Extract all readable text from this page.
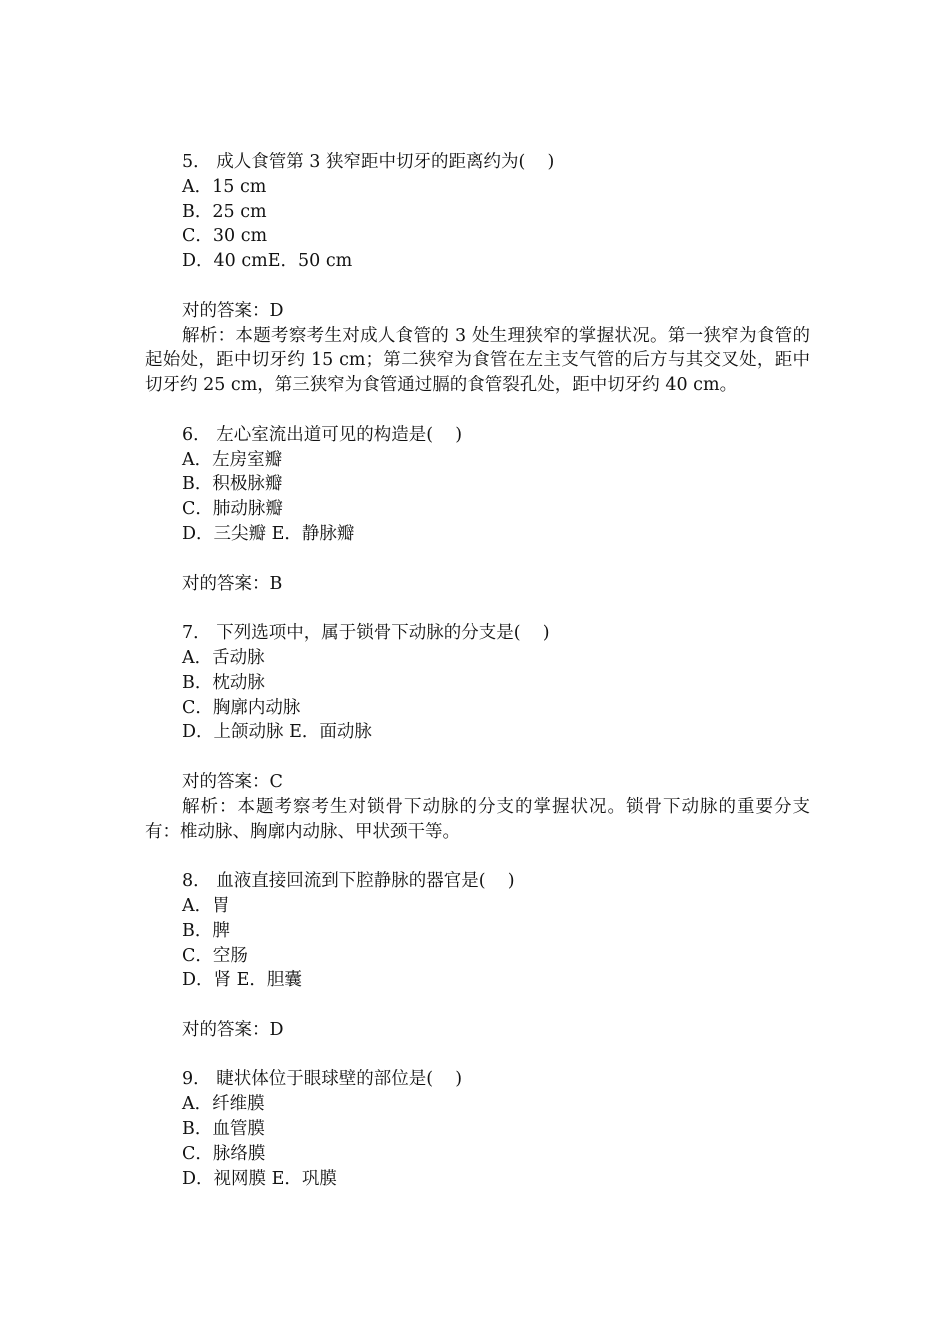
5． 成人食管第 3 狭窄距中切牙的距离约为(    )

A．15 cm

B．25 cm

C．30 cm

D．40 cmE．50 cm

对的答案：D

解析：本题考察考生对成人食管的 3 处生理狭窄的掌握状况。第一狭窄为食管的起始处，距中切牙约 15 cm；第二狭窄为食管在左主支气管的后方与其交叉处，距中切牙约 25 cm，第三狭窄为食管通过膈的食管裂孔处，距中切牙约 40 cm。

6． 左心室流出道可见的构造是(    )

A．左房室瓣

B．积极脉瓣

C．肺动脉瓣

D．三尖瓣 E．静脉瓣

对的答案：B

7． 下列选项中，属于锁骨下动脉的分支是(    )

A．舌动脉

B．枕动脉

C．胸廓内动脉

D．上颌动脉 E．面动脉

对的答案：C

解析：本题考察考生对锁骨下动脉的分支的掌握状况。锁骨下动脉的重要分支有：椎动脉、胸廓内动脉、甲状颈干等。

8． 血液直接回流到下腔静脉的器官是(    )

A．胃

B．脾

C．空肠

D．肾 E．胆囊

对的答案：D

9． 睫状体位于眼球壁的部位是(    )

A．纤维膜

B．血管膜

C．脉络膜

D．视网膜 E．巩膜
